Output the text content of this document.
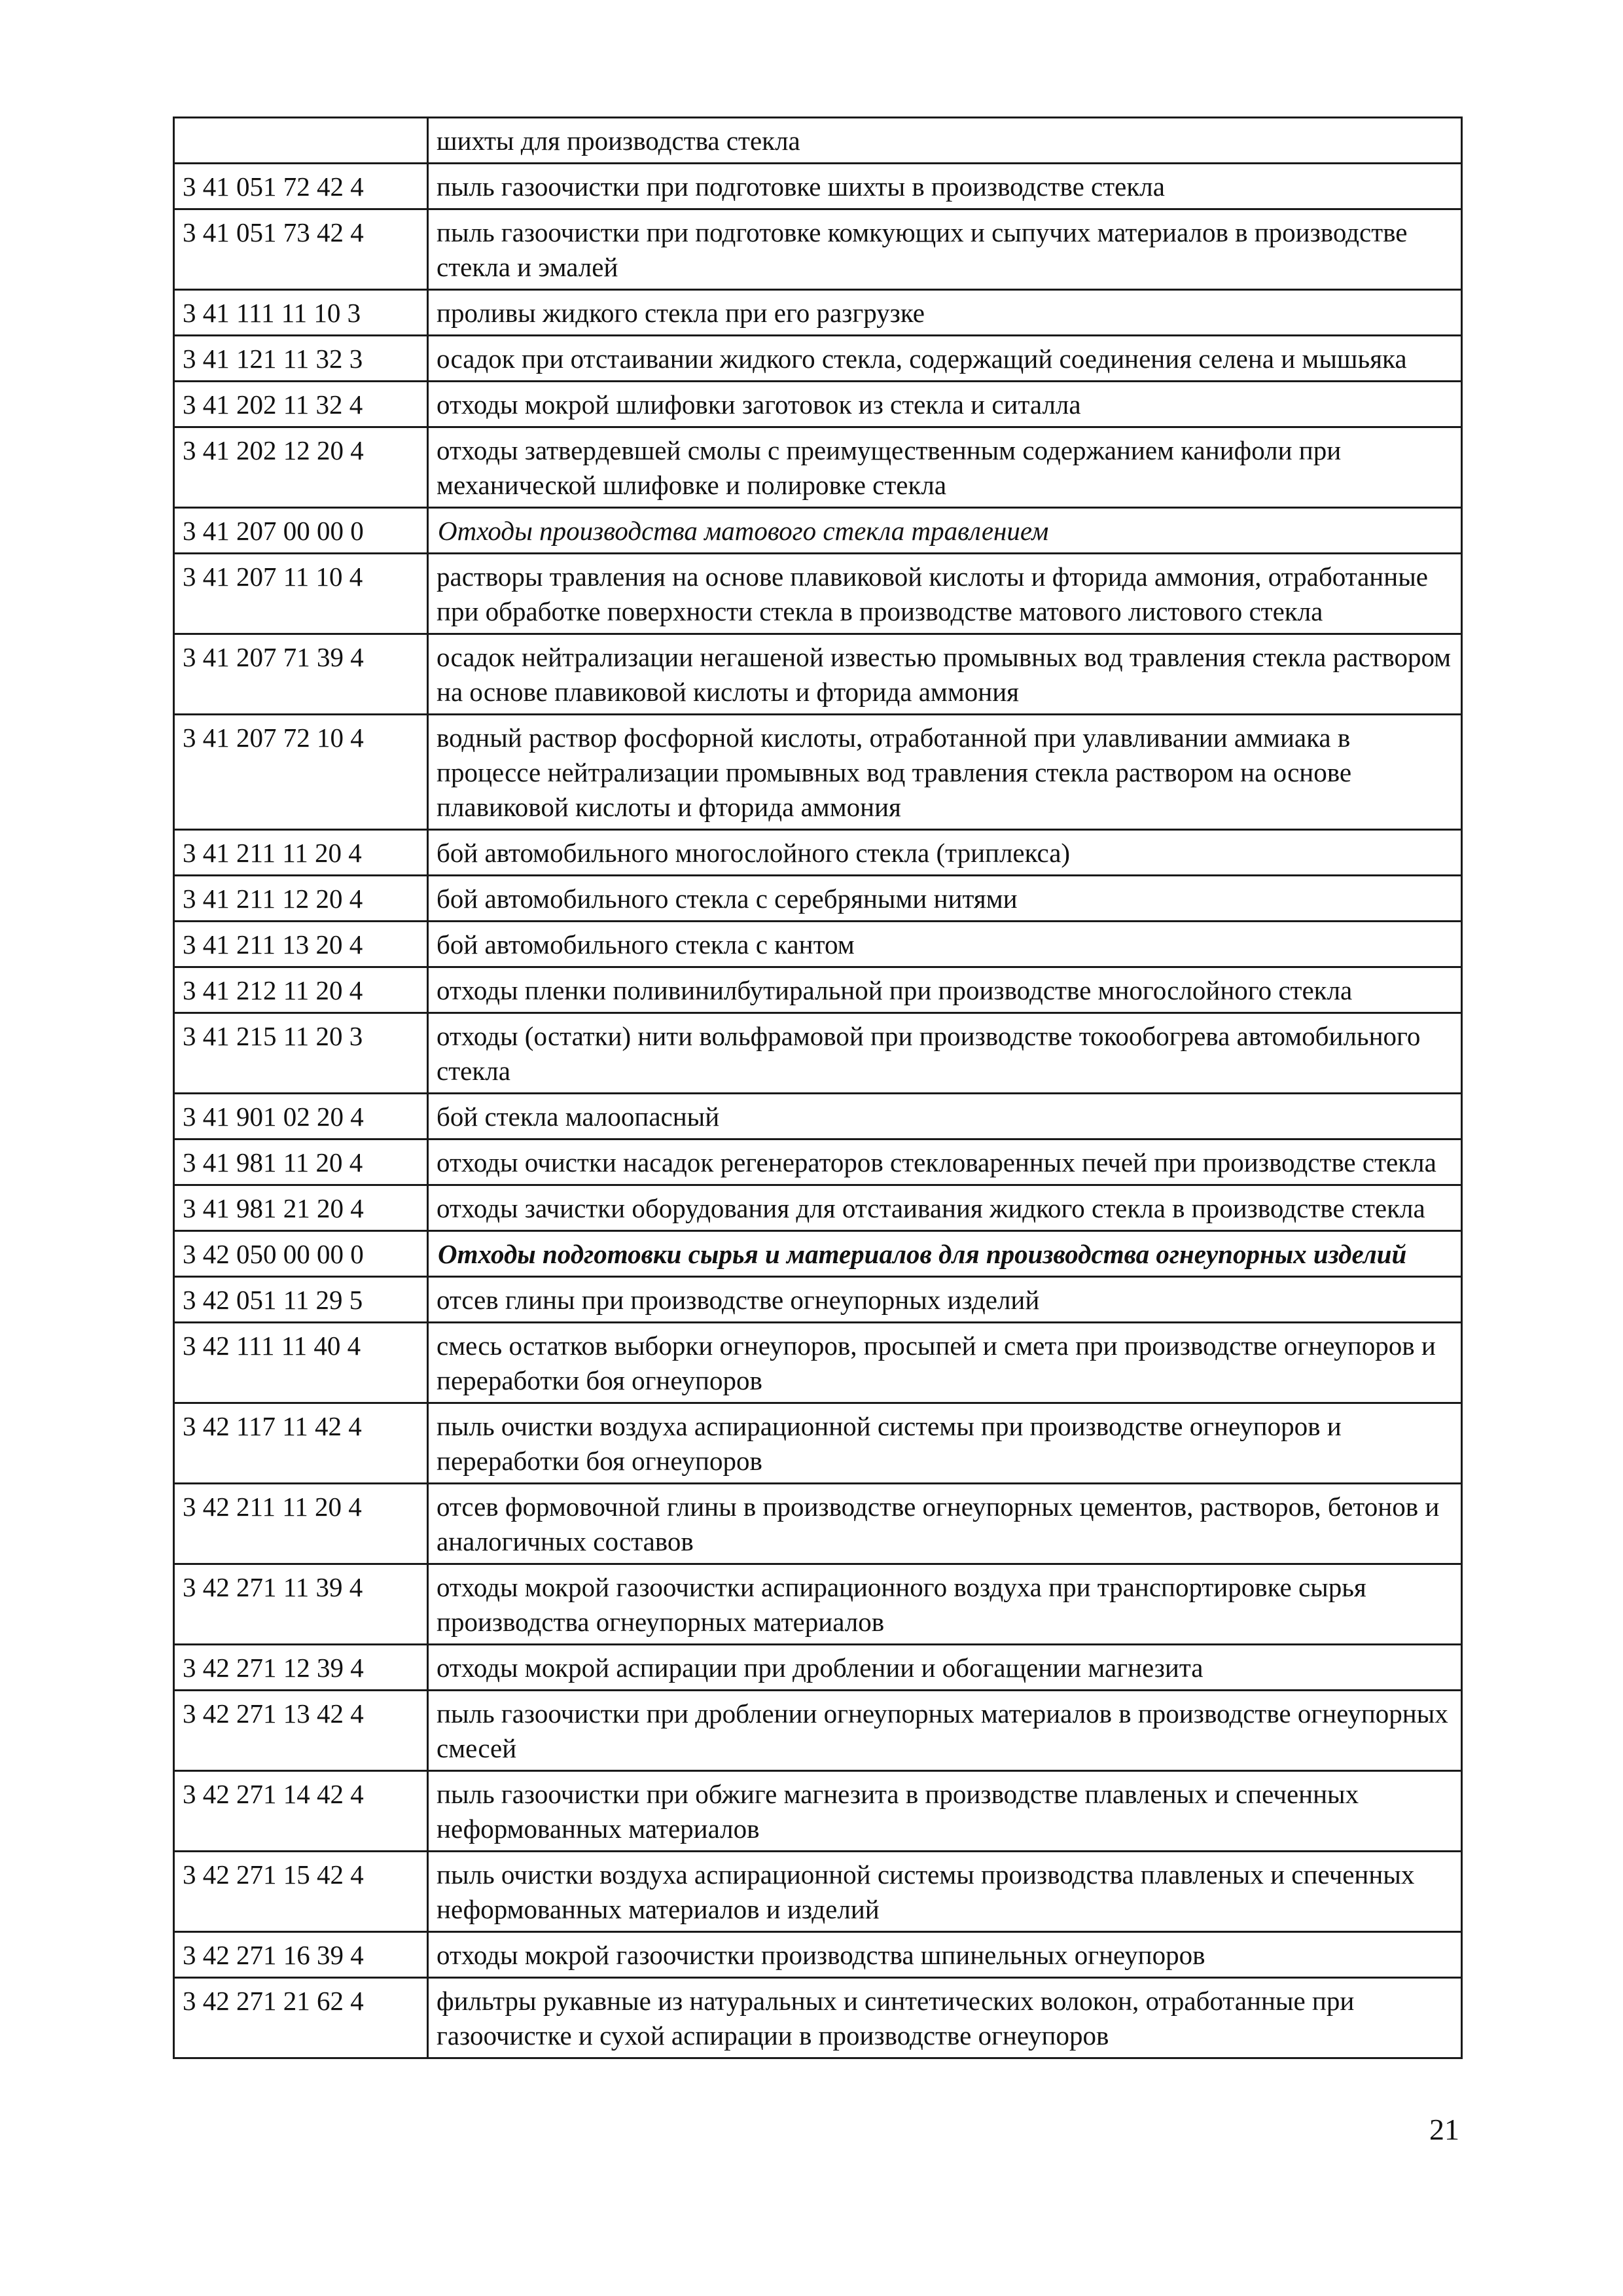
	шихты для производства стекла
3 41 051 72 42 4	пыль газоочистки при подготовке шихты в производстве стекла
3 41 051 73 42 4	пыль газоочистки при подготовке комкующих и сыпучих материалов в производстве стекла и эмалей
3 41 111 11 10 3	проливы жидкого стекла при его разгрузке
3 41 121 11 32 3	осадок при отстаивании жидкого стекла, содержащий соединения селена и мышьяка
3 41 202 11 32 4	отходы мокрой шлифовки заготовок из стекла и ситалла
3 41 202 12 20 4	отходы затвердевшей смолы с преимущественным содержанием канифоли при механической шлифовке и полировке стекла
3 41 207 00 00 0	Отходы производства матового стекла травлением
3 41 207 11 10 4	растворы травления на основе плавиковой кислоты и фторида аммония, отработанные при обработке поверхности стекла в производстве матового листового стекла
3 41 207 71 39 4	осадок нейтрализации негашеной известью промывных вод травления стекла раствором на основе плавиковой кислоты и фторида аммония
3 41 207 72 10 4	водный раствор фосфорной кислоты, отработанной при улавливании аммиака в процессе нейтрализации промывных вод травления стекла раствором на основе плавиковой кислоты и фторида аммония
3 41 211 11 20 4	бой автомобильного многослойного стекла (триплекса)
3 41 211 12 20 4	бой автомобильного стекла с серебряными нитями
3 41 211 13 20 4	бой автомобильного стекла с кантом
3 41 212 11 20 4	отходы пленки поливинилбутиральной при производстве многослойного стекла
3 41 215 11 20 3	отходы (остатки) нити вольфрамовой при производстве токообогрева автомобильного стекла
3 41 901 02 20 4	бой стекла малоопасный
3 41 981 11 20 4	отходы очистки насадок регенераторов стекловаренных печей при производстве стекла
3 41 981 21 20 4	отходы зачистки оборудования для отстаивания жидкого стекла в производстве стекла
3 42 050 00 00 0	Отходы подготовки сырья и материалов для производства огнеупорных изделий
3 42 051 11 29 5	отсев глины при производстве огнеупорных изделий
3 42 111 11 40 4	смесь остатков выборки огнеупоров, просыпей и смета при производстве огнеупоров и переработки боя огнеупоров
3 42 117 11 42 4	пыль очистки воздуха аспирационной системы при производстве огнеупоров и переработки боя огнеупоров
3 42 211 11 20 4	отсев формовочной глины в производстве огнеупорных цементов, растворов, бетонов и аналогичных составов
3 42 271 11 39 4	отходы мокрой газоочистки аспирационного воздуха при транспортировке сырья производства огнеупорных материалов
3 42 271 12 39 4	отходы мокрой аспирации при дроблении и обогащении магнезита
3 42 271 13 42 4	пыль газоочистки при дроблении огнеупорных материалов в производстве огнеупорных смесей
3 42 271 14 42 4	пыль газоочистки при обжиге магнезита в производстве плавленых и спеченных неформованных материалов
3 42 271 15 42 4	пыль очистки воздуха аспирационной системы производства плавленых и спеченных неформованных материалов и изделий
3 42 271 16 39 4	отходы мокрой газоочистки производства шпинельных огнеупоров
3 42 271 21 62 4	фильтры рукавные из натуральных и синтетических волокон, отработанные при газоочистке и сухой аспирации в производстве огнеупоров
21
